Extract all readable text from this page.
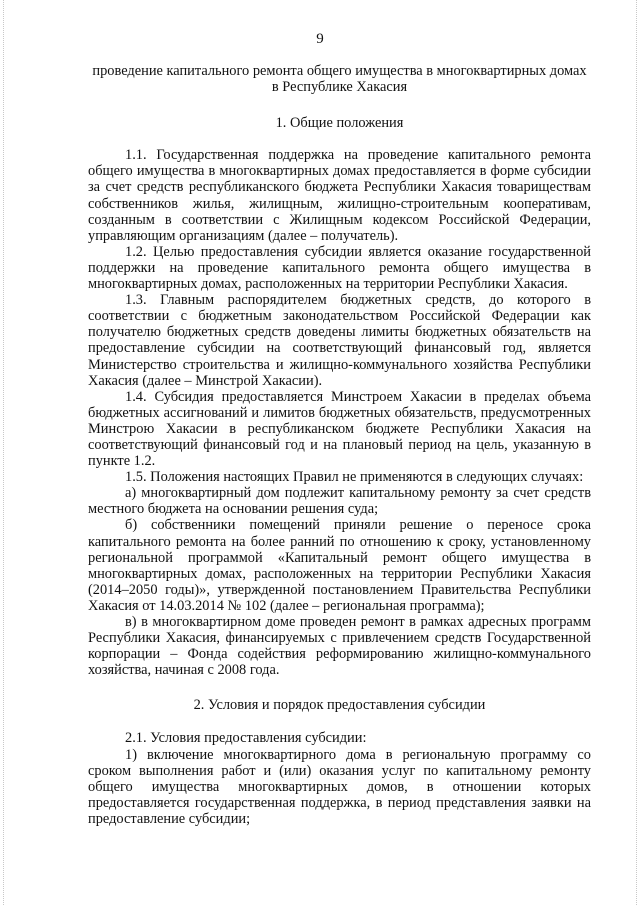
9

проведение капитального ремонта общего имущества в многоквартирных домах в Республике Хакасия

1. Общие положения

1.1. Государственная поддержка на проведение капитального ремонта общего имущества в многоквартирных домах предоставляется в форме субсидии за счет средств республиканского бюджета Республики Хакасия товариществам собственников жилья, жилищным, жилищно-строительным кооперативам, созданным в соответствии с Жилищным кодексом Российской Федерации, управляющим организациям (далее – получатель).

1.2. Целью предоставления субсидии является оказание государственной поддержки на проведение капитального ремонта общего имущества в многоквартирных домах, расположенных на территории Республики Хакасия.

1.3. Главным распорядителем бюджетных средств, до которого в соответствии с бюджетным законодательством Российской Федерации как получателю бюджетных средств доведены лимиты бюджетных обязательств на предоставление субсидии на соответствующий финансовый год, является Министерство строительства и жилищно-коммунального хозяйства Республики Хакасия (далее – Минстрой Хакасии).

1.4. Субсидия предоставляется Минстроем Хакасии в пределах объема бюджетных ассигнований и лимитов бюджетных обязательств, предусмотренных Минстрою Хакасии в республиканском бюджете Республики Хакасия на соответствующий финансовый год и на плановый период на цель, указанную в пункте 1.2.

1.5. Положения настоящих Правил не применяются в следующих случаях:

а) многоквартирный дом подлежит капитальному ремонту за счет средств местного бюджета на основании решения суда;

б) собственники помещений приняли решение о переносе срока капитального ремонта на более ранний по отношению к сроку, установленному региональной программой «Капитальный ремонт общего имущества в многоквартирных домах, расположенных на территории Республики Хакасия (2014–2050 годы)», утвержденной постановлением Правительства Республики Хакасия от 14.03.2014 № 102 (далее – региональная программа);

в) в многоквартирном доме проведен ремонт в рамках адресных программ Республики Хакасия, финансируемых с привлечением средств Государственной корпорации – Фонда содействия реформированию жилищно-коммунального хозяйства, начиная с 2008 года.

2. Условия и порядок предоставления субсидии

2.1. Условия предоставления субсидии:

1) включение многоквартирного дома в региональную программу со сроком выполнения работ и (или) оказания услуг по капитальному ремонту общего имущества многоквартирных домов, в отношении которых предоставляется государственная поддержка, в период представления заявки на предоставление субсидии;
